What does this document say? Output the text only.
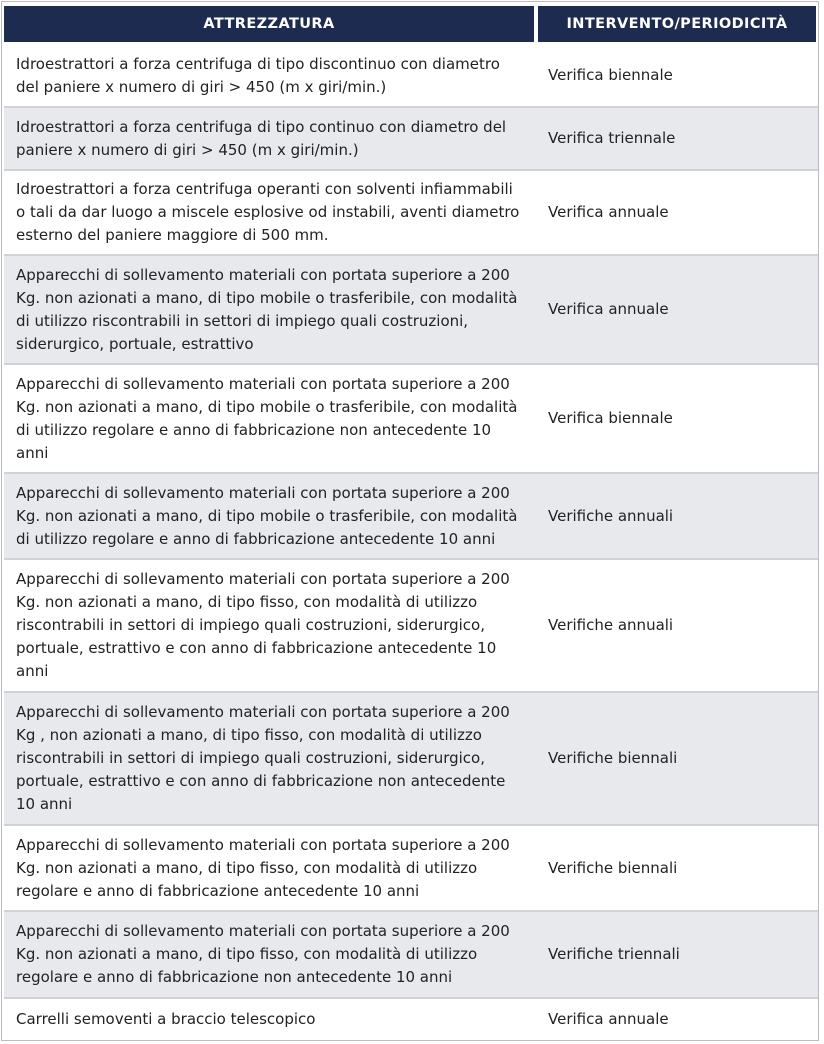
ATTREZZATURA	INTERVENTO/PERIODICITÀ
Idroestrattori a forza centrifuga di tipo discontinuo con diametro del paniere x numero di giri > 450 (m x giri/min.)
Verifica biennale
Idroestrattori a forza centrifuga di tipo continuo con diametro del paniere x numero di giri > 450 (m x giri/min.)
Verifica triennale
Idroestrattori a forza centrifuga operanti con solventi infiammabili o tali da dar luogo a miscele esplosive od instabili, aventi diametro esterno del paniere maggiore di 500 mm.
Verifica annuale
Apparecchi di sollevamento materiali con portata superiore a 200 Kg. non azionati a mano, di tipo mobile o trasferibile, con modalità di utilizzo riscontrabili in settori di impiego quali costruzioni, siderurgico, portuale, estrattivo
Verifica annuale
Apparecchi di sollevamento materiali con portata superiore a 200 Kg. non azionati a mano, di tipo mobile o trasferibile, con modalità di utilizzo regolare e anno di fabbricazione non antecedente 10 anni
Verifica biennale
Apparecchi di sollevamento materiali con portata superiore a 200 Kg. non azionati a mano, di tipo mobile o trasferibile, con modalità di utilizzo regolare e anno di fabbricazione antecedente 10 anni
Verifiche annuali
Apparecchi di sollevamento materiali con portata superiore a 200 Kg. non azionati a mano, di tipo fisso, con modalità di utilizzo riscontrabili in settori di impiego quali costruzioni, siderurgico, portuale, estrattivo e con anno di fabbricazione antecedente 10 anni
Verifiche annuali
Apparecchi di sollevamento materiali con portata superiore a 200 Kg , non azionati a mano, di tipo fisso, con modalità di utilizzo riscontrabili in settori di impiego quali costruzioni, siderurgico, portuale, estrattivo e con anno di fabbricazione non antecedente 10 anni
Verifiche biennali
Apparecchi di sollevamento materiali con portata superiore a 200 Kg. non azionati a mano, di tipo fisso, con modalità di utilizzo regolare e anno di fabbricazione antecedente 10 anni
Verifiche biennali
Apparecchi di sollevamento materiali con portata superiore a 200 Kg. non azionati a mano, di tipo fisso, con modalità di utilizzo regolare e anno di fabbricazione non antecedente 10 anni
Verifiche triennali
Carrelli semoventi a braccio telescopico	Verifica annuale
